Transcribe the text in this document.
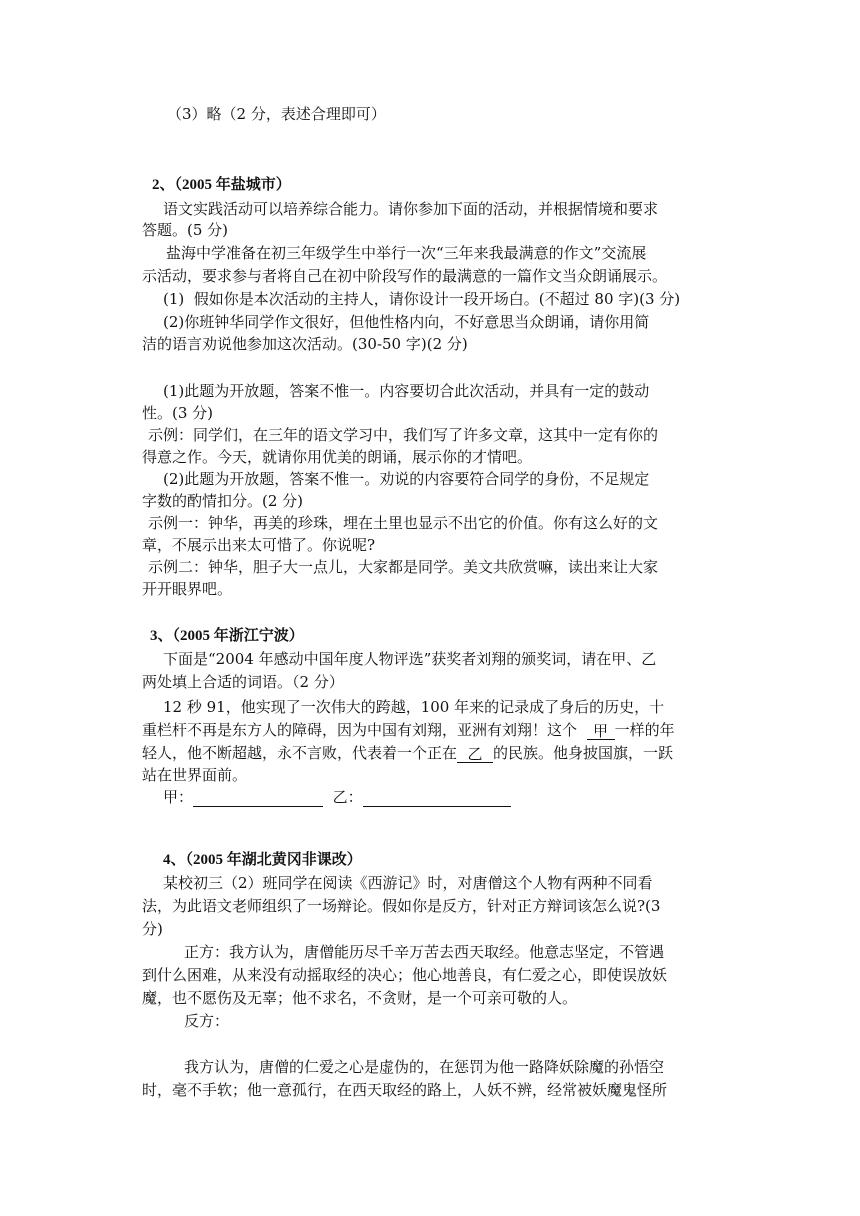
（3）略（2 分，表述合理即可）
2、（2005 年盐城市）
语文实践活动可以培养综合能力。请你参加下面的活动，并根据情境和要求
答题。(5 分)
盐海中学准备在初三年级学生中举行一次“三年来我最满意的作文”交流展
示活动，要求参与者将自己在初中阶段写作的最满意的一篇作文当众朗诵展示。
(1)  假如你是本次活动的主持人，请你设计一段开场白。(不超过 80 字)(3 分)
(2)你班钟华同学作文很好，但他性格内向，不好意思当众朗诵，请你用简
洁的语言劝说他参加这次活动。(30-50 字)(2 分)
(1)此题为开放题，答案不惟一。内容要切合此次活动，并具有一定的鼓动
性。(3 分)
示例：同学们，在三年的语文学习中，我们写了许多文章，这其中一定有你的
得意之作。今天，就请你用优美的朗诵，展示你的才情吧。
(2)此题为开放题，答案不惟一。劝说的内容要符合同学的身份，不足规定
字数的酌情扣分。(2 分)
示例一：钟华，再美的珍珠，埋在土里也显示不出它的价值。你有这么好的文
章，不展示出来太可惜了。你说呢?
示例二：钟华，胆子大一点儿，大家都是同学。美文共欣赏嘛，读出来让大家
开开眼界吧。
3、（2005 年浙江宁波）
下面是“2004 年感动中国年度人物评选”获奖者刘翔的颁奖词，请在甲、乙
两处填上合适的词语。（2 分）
12 秒 91，他实现了一次伟大的跨越，100 年来的记录成了身后的历史，十
重栏杆不再是东方人的障碍，因为中国有刘翔，亚洲有刘翔！这个 甲 一样的年
轻人，他不断超越，永不言败，代表着一个正在 乙 的民族。他身披国旗，一跃
站在世界面前。
甲：	乙：
4、（2005 年湖北黄冈非课改）
某校初三（2）班同学在阅读《西游记》时，对唐僧这个人物有两种不同看
法，为此语文老师组织了一场辩论。假如你是反方，针对正方辩词该怎么说?(3
分)
正方：我方认为，唐僧能历尽千辛万苦去西天取经。他意志坚定，不管遇
到什么困难，从来没有动摇取经的决心；他心地善良，有仁爱之心，即使误放妖
魔，也不愿伤及无辜；他不求名，不贪财，是一个可亲可敬的人。
反方：
我方认为，唐僧的仁爱之心是虚伪的，在惩罚为他一路降妖除魔的孙悟空
时，毫不手软；他一意孤行，在西天取经的路上，人妖不辨，经常被妖魔鬼怪所
